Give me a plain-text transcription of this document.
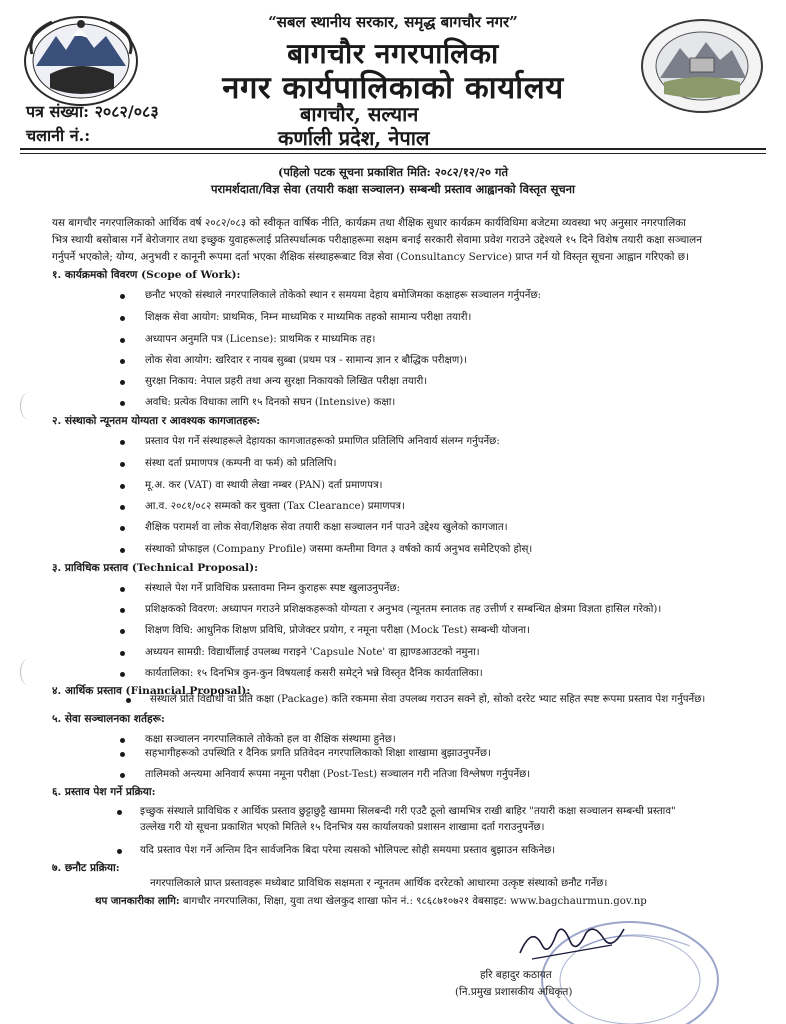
“सबल स्थानीय सरकार, समृद्ध बागचौर नगर”
बागचौर नगरपालिका
नगर कार्यपालिकाको कार्यालय
पत्र संख्या: २०८२/०८३
चलानी नं.:
बागचौर, सल्यान
कर्णाली प्रदेश, नेपाल
(पहिलो पटक सूचना प्रकाशित मिति: २०८२/१२/२० गते
परामर्शदाता/विज्ञ सेवा (तयारी कक्षा सञ्चालन) सम्बन्धी प्रस्ताव आह्वानको विस्तृत सूचना
यस बागचौर नगरपालिकाको आर्थिक वर्ष २०८२/०८३ को स्वीकृत वार्षिक नीति, कार्यक्रम तथा शैक्षिक सुधार कार्यक्रम कार्यविधिमा बजेटमा व्यवस्था भए अनुसार नगरपालिका
भित्र स्थायी बसोबास गर्ने बेरोजगार तथा इच्छुक युवाहरूलाई प्रतिस्पर्धात्मक परीक्षाहरूमा सक्षम बनाई सरकारी सेवामा प्रवेश गराउने उद्देश्यले १५ दिने विशेष तयारी कक्षा सञ्चालन
गर्नुपर्ने भएकोले; योग्य, अनुभवी र कानूनी रूपमा दर्ता भएका शैक्षिक संस्थाहरूबाट विज्ञ सेवा (Consultancy Service) प्राप्त गर्न यो विस्तृत सूचना आह्वान गरिएको छ।
१. कार्यक्रमको विवरण (Scope of Work):
छनौट भएको संस्थाले नगरपालिकाले तोकेको स्थान र समयमा देहाय बमोजिमका कक्षाहरू सञ्चालन गर्नुपर्नेछ:
शिक्षक सेवा आयोग: प्राथमिक, निम्न माध्यमिक र माध्यमिक तहको सामान्य परीक्षा तयारी।
अध्यापन अनुमति पत्र (License): प्राथमिक र माध्यमिक तह।
लोक सेवा आयोग: खरिदार र नायब सुब्बा (प्रथम पत्र - सामान्य ज्ञान र बौद्धिक परीक्षण)।
सुरक्षा निकाय: नेपाल प्रहरी तथा अन्य सुरक्षा निकायको लिखित परीक्षा तयारी।
अवधि: प्रत्येक विधाका लागि १५ दिनको सघन (Intensive) कक्षा।
२. संस्थाको न्यूनतम योग्यता र आवश्यक कागजातहरू:
प्रस्ताव पेश गर्ने संस्थाहरूले देहायका कागजातहरूको प्रमाणित प्रतिलिपि अनिवार्य संलग्न गर्नुपर्नेछ:
संस्था दर्ता प्रमाणपत्र (कम्पनी वा फर्म) को प्रतिलिपि।
मू.अ. कर (VAT) वा स्थायी लेखा नम्बर (PAN) दर्ता प्रमाणपत्र।
आ.व. २०८१/०८२ सम्मको कर चुक्ता (Tax Clearance) प्रमाणपत्र।
शैक्षिक परामर्श वा लोक सेवा/शिक्षक सेवा तयारी कक्षा सञ्चालन गर्न पाउने उद्देश्य खुलेको कागजात।
संस्थाको प्रोफाइल (Company Profile) जसमा कम्तीमा विगत ३ वर्षको कार्य अनुभव समेटिएको होस्।
३. प्राविधिक प्रस्ताव (Technical Proposal):
संस्थाले पेश गर्ने प्राविधिक प्रस्तावमा निम्न कुराहरू स्पष्ट खुलाउनुपर्नेछ:
प्रशिक्षकको विवरण: अध्यापन गराउने प्रशिक्षकहरूको योग्यता र अनुभव (न्यूनतम स्नातक तह उत्तीर्ण र सम्बन्धित क्षेत्रमा विज्ञता हासिल गरेको)।
शिक्षण विधि: आधुनिक शिक्षण प्रविधि, प्रोजेक्टर प्रयोग, र नमूना परीक्षा (Mock Test) सम्बन्धी योजना।
अध्ययन सामग्री: विद्यार्थीलाई उपलब्ध गराइने 'Capsule Note' वा ह्याण्डआउटको नमुना।
कार्यतालिका: १५ दिनभित्र कुन-कुन विषयलाई कसरी समेट्ने भन्ने विस्तृत दैनिक कार्यतालिका।
४. आर्थिक प्रस्ताव (Financial Proposal):
संस्थाले प्रति विद्यार्थी वा प्रति कक्षा (Package) कति रकममा सेवा उपलब्ध गराउन सक्ने हो, सोको दररेट भ्याट सहित स्पष्ट रूपमा प्रस्ताव पेश गर्नुपर्नेछ।
५. सेवा सञ्चालनका शर्तहरू:
कक्षा सञ्चालन नगरपालिकाले तोकेको हल वा शैक्षिक संस्थामा हुनेछ।
सहभागीहरूको उपस्थिति र दैनिक प्रगति प्रतिवेदन नगरपालिकाको शिक्षा शाखामा बुझाउनुपर्नेछ।
तालिमको अन्त्यमा अनिवार्य रूपमा नमूना परीक्षा (Post-Test) सञ्चालन गरी नतिजा विश्लेषण गर्नुपर्नेछ।
६. प्रस्ताव पेश गर्ने प्रक्रिया:
इच्छुक संस्थाले प्राविधिक र आर्थिक प्रस्ताव छुट्टाछुट्टै खाममा सिलबन्दी गरी एउटै ठूलो खामभित्र राखी बाहिर "तयारी कक्षा सञ्चालन सम्बन्धी प्रस्ताव"
उल्लेख गरी यो सूचना प्रकाशित भएको मितिले १५ दिनभित्र यस कार्यालयको प्रशासन शाखामा दर्ता गराउनुपर्नेछ।
यदि प्रस्ताव पेश गर्ने अन्तिम दिन सार्वजनिक बिदा परेमा त्यसको भोलिपल्ट सोही समयमा प्रस्ताव बुझाउन सकिनेछ।
७. छनौट प्रक्रिया:
नगरपालिकाले प्राप्त प्रस्तावहरू मध्येबाट प्राविधिक सक्षमता र न्यूनतम आर्थिक दररेटको आधारमा उत्कृष्ट संस्थाको छनौट गर्नेछ।
थप जानकारीका लागि: बागचौर नगरपालिका, शिक्षा, युवा तथा खेलकुद शाखा फोन नं.: ९८६८७१०७२१ वेबसाइट: www.bagchaurmun.gov.np
हरि बहादुर कठायत
(नि.प्रमुख प्रशासकीय अधिकृत)
